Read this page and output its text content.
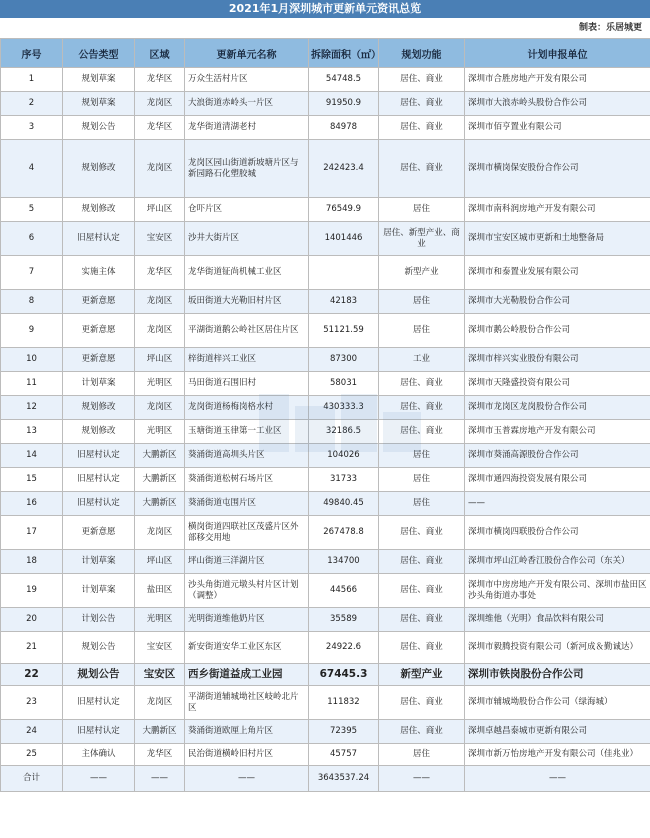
2021年1月深圳城市更新单元资讯总览
制表：乐居城更
序号	公告类型	区域	更新单元名称	拆除面积（㎡）	规划功能	计划申报单位
1	规划草案	龙华区	万众生活村片区	54748.5	居住、商业	深圳市合胜房地产开发有限公司
2	规划草案	龙岗区	大浪街道赤岭头一片区	91950.9	居住、商业	深圳市大浪赤岭头股份合作公司
3	规划公告	龙华区	龙华街道清湖老村	84978	居住、商业	深圳市佰亨置业有限公司
4	规划修改	龙岗区	龙岗区园山街道新坡塘片区与新园路石化塑胶城	242423.4	居住、商业	深圳市横岗保安股份合作公司
5	规划修改	坪山区	仓吓片区	76549.9	居住	深圳市南科润房地产开发有限公司
6	旧屋村认定	宝安区	沙井大街片区	1401446	居住、新型产业、商业	深圳市宝安区城市更新和土地整备局
7	实施主体	龙华区	龙华街道钲尚机械工业区		新型产业	深圳市和泰置业发展有限公司
8	更新意愿	龙岗区	坂田街道大光勒旧村片区	42183	居住	深圳市大光勒股份合作公司
9	更新意愿	龙岗区	平湖街道鹅公岭社区居住片区	51121.59	居住	深圳市鹅公岭股份合作公司
10	更新意愿	坪山区	梓街道梓兴工业区	87300	工业	深圳市梓兴实业股份有限公司
11	计划草案	光明区	马田街道石围旧村	58031	居住、商业	深圳市天隆盛投资有限公司
12	规划修改	龙岗区	龙岗街道杨梅岗格水村	430333.3	居住、商业	深圳市龙岗区龙岗股份合作公司
13	规划修改	光明区	玉塘街道玉律第一工业区	32186.5	居住、商业	深圳市玉普霖房地产开发有限公司
14	旧屋村认定	大鹏新区	葵涌街道高圳头片区	104026	居住	深圳市葵涌高源股份合作公司
15	旧屋村认定	大鹏新区	葵涌街道松树石场片区	31733	居住	深圳市通四海投资发展有限公司
16	旧屋村认定	大鹏新区	葵涌街道屯围片区	49840.45	居住	——
17	更新意愿	龙岗区	横岗街道四联社区茂盛片区外部移交用地	267478.8	居住、商业	深圳市横岗四联股份合作公司
18	计划草案	坪山区	坪山街道三洋湖片区	134700	居住、商业	深圳市坪山江岭香江股份合作公司（东关）
19	计划草案	盐田区	沙头角街道元墩头村片区计划（调整）	44566	居住、商业	深圳市中房房地产开发有限公司、深圳市盐田区沙头角街道办事处
20	计划公告	光明区	光明街道维他奶片区	35589	居住、商业	深圳维他（光明）食品饮料有限公司
21	规划公告	宝安区	新安街道安华工业区东区	24922.6	居住、商业	深圳市毅腾投资有限公司（新河成＆勤诚达）
22	规划公告	宝安区	西乡街道益成工业园	67445.3	新型产业	深圳市铁岗股份合作公司
23	旧屋村认定	龙岗区	平湖街道辅城坳社区岐岭北片区	111832	居住、商业	深圳市辅城坳股份合作公司（绿海城）
24	旧屋村认定	大鹏新区	葵涌街道欧厘上角片区	72395	居住、商业	深圳卓越昌泰城市更新有限公司
25	主体确认	龙华区	民治街道横岭旧村片区	45757	居住	深圳市新万怡房地产开发有限公司（佳兆业）
合计	——	——	——	3643537.24	——	——
